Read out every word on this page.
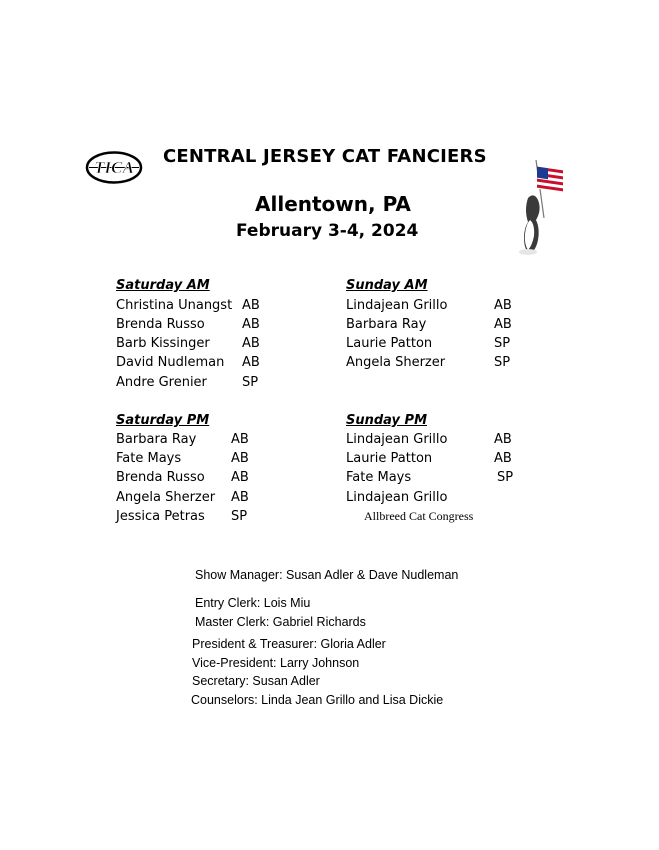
TICA
CENTRAL JERSEY CAT FANCIERS
Allentown, PA
February 3-4, 2024
Saturday AM
Christina Unangst AB
Brenda Russo	AB
Barb Kissinger AB
David Nudleman AB
Andre Grenier	SP
Sunday AM
Lindajean Grillo	AB
Barbara Ray	AB
Laurie Patton	SP
Angela Sherzer	SP
Saturday PM
Barbara Ray	AB
Fate Mays	AB
Brenda Russo AB
Angela Sherzer AB
Jessica Petras SP
Sunday PM
Lindajean Grillo	AB
Laurie Patton	AB
Fate Mays	SP
Lindajean Grillo
Allbreed Cat Congress
Show Manager: Susan Adler & Dave Nudleman
Entry Clerk: Lois Miu
Master Clerk: Gabriel Richards
President & Treasurer: Gloria Adler
Vice-President: Larry Johnson
Secretary: Susan Adler
Counselors: Linda Jean Grillo and Lisa Dickie
